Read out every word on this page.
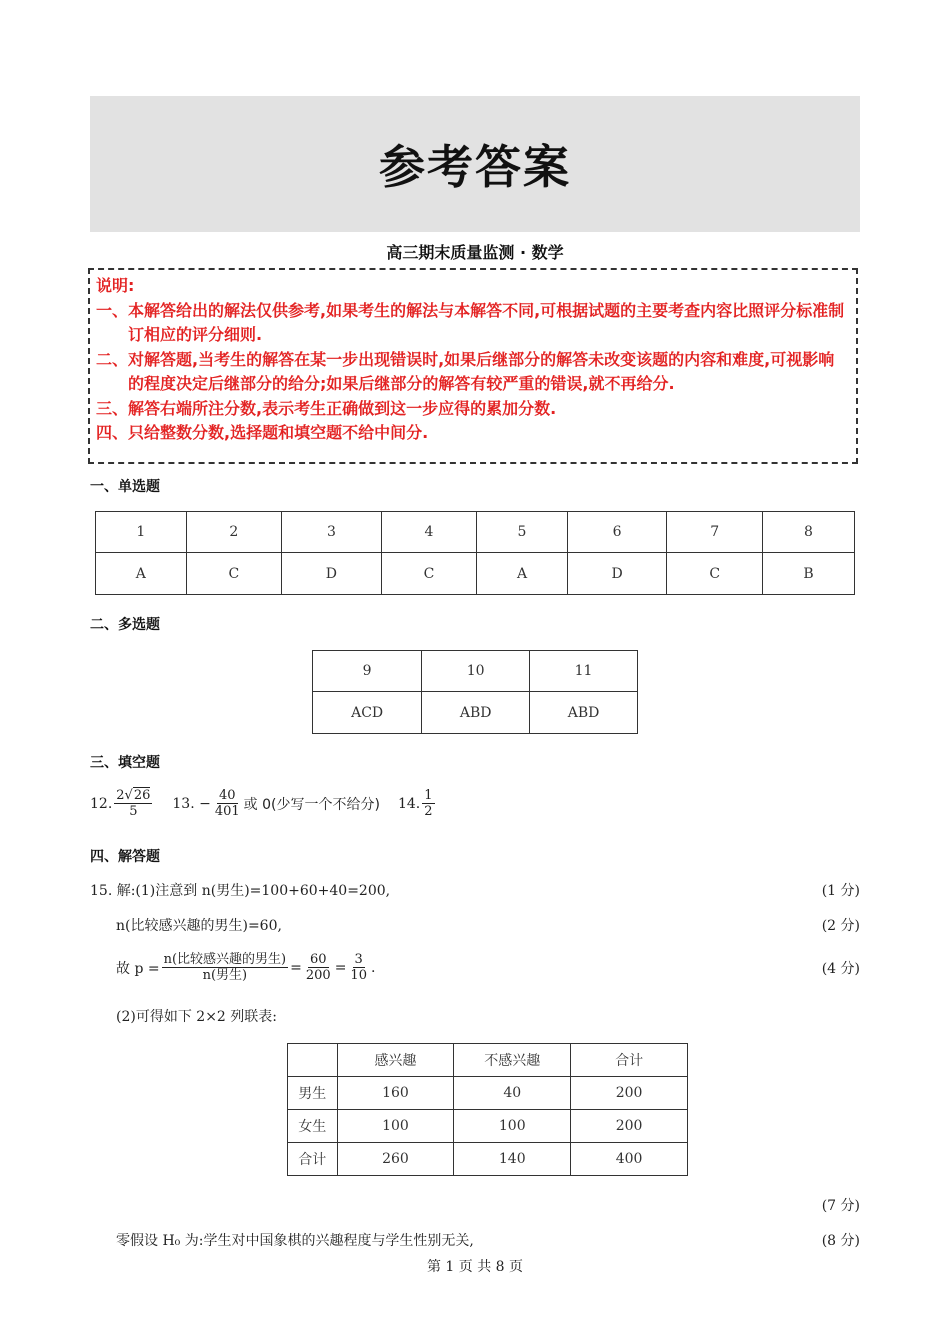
参考答案
高三期末质量监测 · 数学
说明:
一、本解答给出的解法仅供参考,如果考生的解法与本解答不同,可根据试题的主要考查内容比照评分标准制订相应的评分细则.
二、对解答题,当考生的解答在某一步出现错误时,如果后继部分的解答未改变该题的内容和难度,可视影响的程度决定后继部分的给分;如果后继部分的解答有较严重的错误,就不再给分.
三、解答右端所注分数,表示考生正确做到这一步应得的累加分数.
四、只给整数分数,选择题和填空题不给中间分.
一、单选题
1	2	3	4	5	6	7	8
A	C	D	C	A	D	C	B
二、多选题
9	10	11
ACD	ABD	ABD
三、填空题
12. $\frac{2√26}{5} 13$. − $\frac{40}{401}$ 或 0(少写一个不给分) 14. $\frac{1}{2}$
四、解答题
15. 解:(1)注意到 n(男生)=100+60+40=200,	(1 分)
n(比较感兴趣的男生)=60,	(2 分)
故 $p = \frac{\text{n(比较感兴趣的男生)}}{\text{n(男生)}} = \frac{60}{200} = \frac{3}{10}$ .	(4 分)
(2)可得如下 2×2 列联表:
	感兴趣	不感兴趣	合计
男生	160	40	200
女生	100	100	200
合计	260	140	400
(7 分)
零假设 H₀ 为:学生对中国象棋的兴趣程度与学生性别无关,	(8 分)
第 1 页 共 8 页
